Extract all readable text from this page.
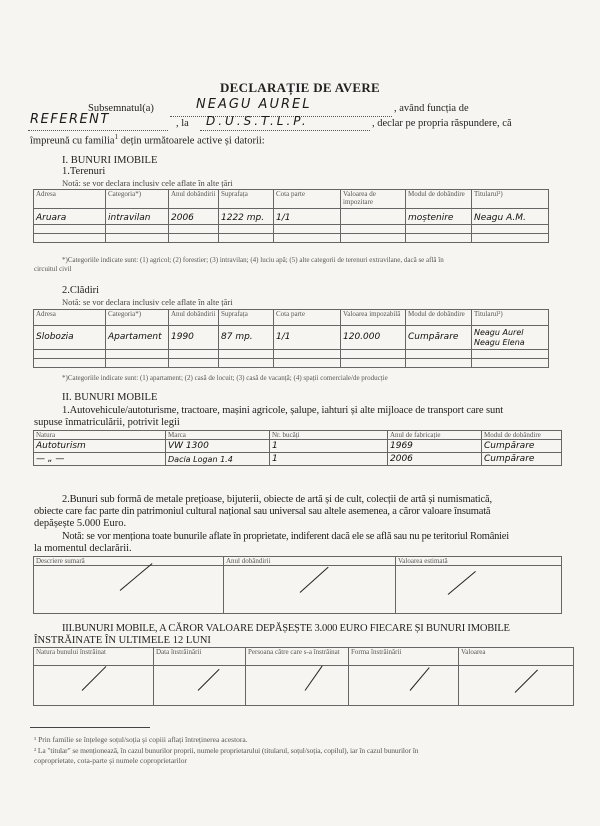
DECLARAȚIE DE AVERE
Subsemnatul(a)	NEAGU AUREL	, având funcția de
REFERENT	, la D.U.S.T.L.P.	, declar pe propria răspundere, că
împreună cu familia$^1$ dețin următoarele active și datorii:
I. BUNURI IMOBILE
1.Terenuri
Notă: se vor declara inclusiv cele aflate în alte țări
Adresa	Categoria*)	Anul dobândirii	Suprafața	Cota parte	Valoarea de impozitare	Modul de dobândire	Titularul²)
Aruara	intravilan	2006	1222 mp.	1/1		moștenire	Neagu A.M.

*)Categoriile indicate sunt: (1) agricol; (2) forestier; (3) intravilan; (4) luciu apă; (5) alte categorii de terenuri extravilane, dacă se află în
circuitul civil
2.Clădiri
Notă: se vor declara inclusiv cele aflate în alte țări
Adresa	Categoria*)	Anul dobândirii	Suprafața	Cota parte	Valoarea impozabilă	Modul de dobândire	Titularul²)
Slobozia	Apartament	1990	87 mp.	1/1	120.000	Cumpărare	Neagu Aurel
Neagu Elena

*)Categoriile indicate sunt: (1) apartament; (2) casă de locuit; (3) casă de vacanță; (4) spații comerciale/de producție
II. BUNURI MOBILE
1.Autovehicule/autoturisme, tractoare, mașini agricole, șalupe, iahturi și alte mijloace de transport care sunt
supuse înmatriculării, potrivit legii
Natura	Marca	Nr. bucăți	Anul de fabricație	Modul de dobândire
Autoturism	VW 1300	1	1969	Cumpărare
— „ —	Dacia Logan 1.4	1	2006	Cumpărare
2.Bunuri sub formă de metale prețioase, bijuterii, obiecte de artă și de cult, colecții de artă și numismatică,
obiecte care fac parte din patrimoniul cultural național sau universal sau altele asemenea, a căror valoare însumată
depășește 5.000 Euro.
Notă: se vor menționa toate bunurile aflate în proprietate, indiferent dacă ele se află sau nu pe teritoriul României
la momentul declarării.
Descriere sumară	Anul dobândirii	Valoarea estimată

III.BUNURI MOBILE, A CĂROR VALOARE DEPĂȘEȘTE 3.000 EURO FIECARE ȘI BUNURI IMOBILE
ÎNSTRĂINATE ÎN ULTIMELE 12 LUNI
Natura bunului înstrăinat	Data înstrăinării	Persoana către care s-a înstrăinat	Forma înstrăinării	Valoarea

¹ Prin familie se înțelege soțul/soția și copiii aflați întreținerea acestora.
² La "titular" se menționează, în cazul bunurilor proprii, numele proprietarului (titularul, soțul/soția, copilul), iar în cazul bunurilor în
coproprietate, cota-parte și numele coproprietarilor
